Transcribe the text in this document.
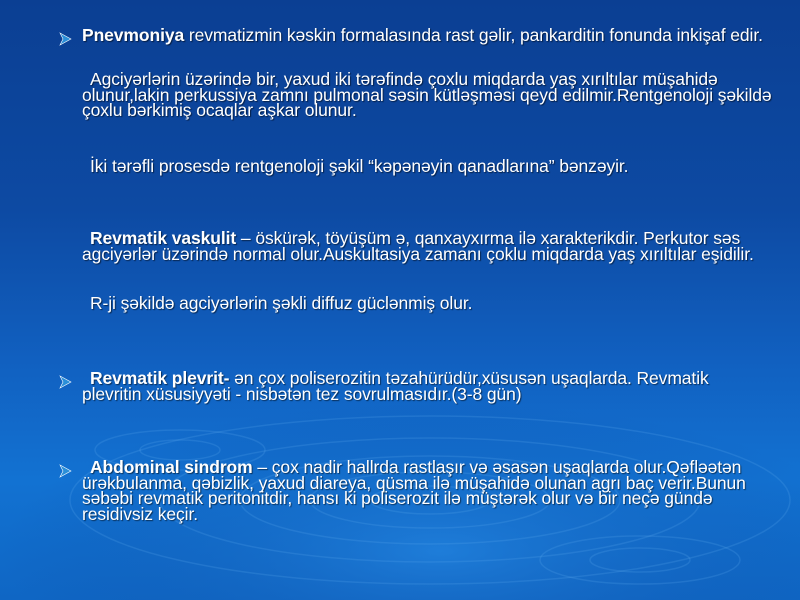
Pnevmoniya revmatizmin kəskin formalasında rast gəlir, pankarditin fonunda inkişaf edir.
Agciyərlərin üzərində bir, yaxud iki tərəfində çoxlu miqdarda yaş xırıltılar müşahidə olunur,lakin perkussiya zamnı pulmonal səsin kütləşməsi qeyd edilmir.Rentgenoloji şəkildə çoxlu bərkimiş ocaqlar aşkar olunur.
İki tərəfli prosesdə rentgenoloji şəkil “kəpənəyin qanadlarına” bənzəyir.
Revmatik vaskulit – öskürək, töyüşüm ə, qanxayxırma ilə xarakterikdir. Perkutor səs agciyərlər üzərində normal olur.Auskultasiya zamanı çoklu miqdarda yaş xırıltılar eşidilir.
R-ji şəkildə agciyərlərin şəkli diffuz güclənmiş olur.
Revmatik plevrit- ən çox poliserozitin təzahürüdür,xüsusən uşaqlarda. Revmatik plevritin xüsusiyyəti - nisbətən tez sovrulmasıdır.(3-8 gün)
Abdominal sindrom – çox nadir hallrda rastlaşır və əsasən uşaqlarda olur.Qəfləətən ürəkbulanma, qəbizlik, yaxud diareya, qüsma ilə müşahidə olunan agrı baç verir.Bunun səbəbi revmatik peritonitdir, hansı ki poliserozit ilə müştərək olur və bir neçə gündə residivsiz keçir.
